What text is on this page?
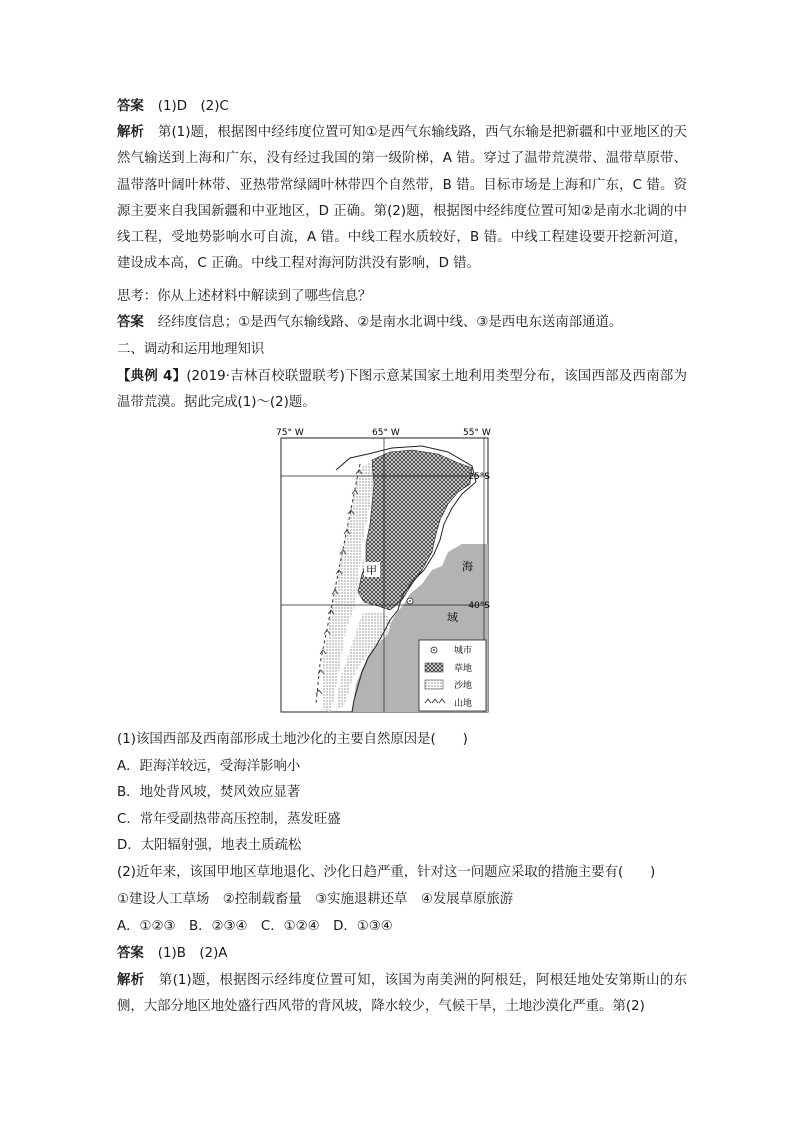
答案 (1)D　(2)C

解析 第(1)题，根据图中经纬度位置可知①是西气东输线路，西气东输是把新疆和中亚地区的天然气输送到上海和广东，没有经过我国的第一级阶梯，A 错。穿过了温带荒漠带、温带草原带、温带落叶阔叶林带、亚热带常绿阔叶林带四个自然带，B 错。目标市场是上海和广东，C 错。资源主要来自我国新疆和中亚地区，D 正确。第(2)题，根据图中经纬度位置可知②是南水北调的中线工程，受地势影响水可自流，A 错。中线工程水质较好，B 错。中线工程建设要开挖新河道，建设成本高，C 正确。中线工程对海河防洪没有影响，D 错。

思考：你从上述材料中解读到了哪些信息？

答案 经纬度信息；①是西气东输线路、②是南水北调中线、③是西电东送南部通道。

二、调动和运用地理知识

【典例 4】(2019·吉林百校联盟联考)下图示意某国家土地利用类型分布，该国西部及西南部为温带荒漠。据此完成(1)～(2)题。

75° W	65° W	55° W
25°S
40°S
甲	海
域
城市
草地
沙地
山地

(1)该国西部及西南部形成土地沙化的主要自然原因是(　　)

A．距海洋较远，受海洋影响小

B．地处背风坡，焚风效应显著

C．常年受副热带高压控制，蒸发旺盛

D．太阳辐射强，地表土质疏松

(2)近年来，该国甲地区草地退化、沙化日趋严重，针对这一问题应采取的措施主要有(　　)

①建设人工草场　②控制载畜量　③实施退耕还草　④发展草原旅游

A．①②③　B．②③④　C．①②④　D．①③④

答案 (1)B　(2)A

解析 第(1)题，根据图示经纬度位置可知，该国为南美洲的阿根廷，阿根廷地处安第斯山的东侧，大部分地区地处盛行西风带的背风坡，降水较少，气候干旱，土地沙漠化严重。第(2)
